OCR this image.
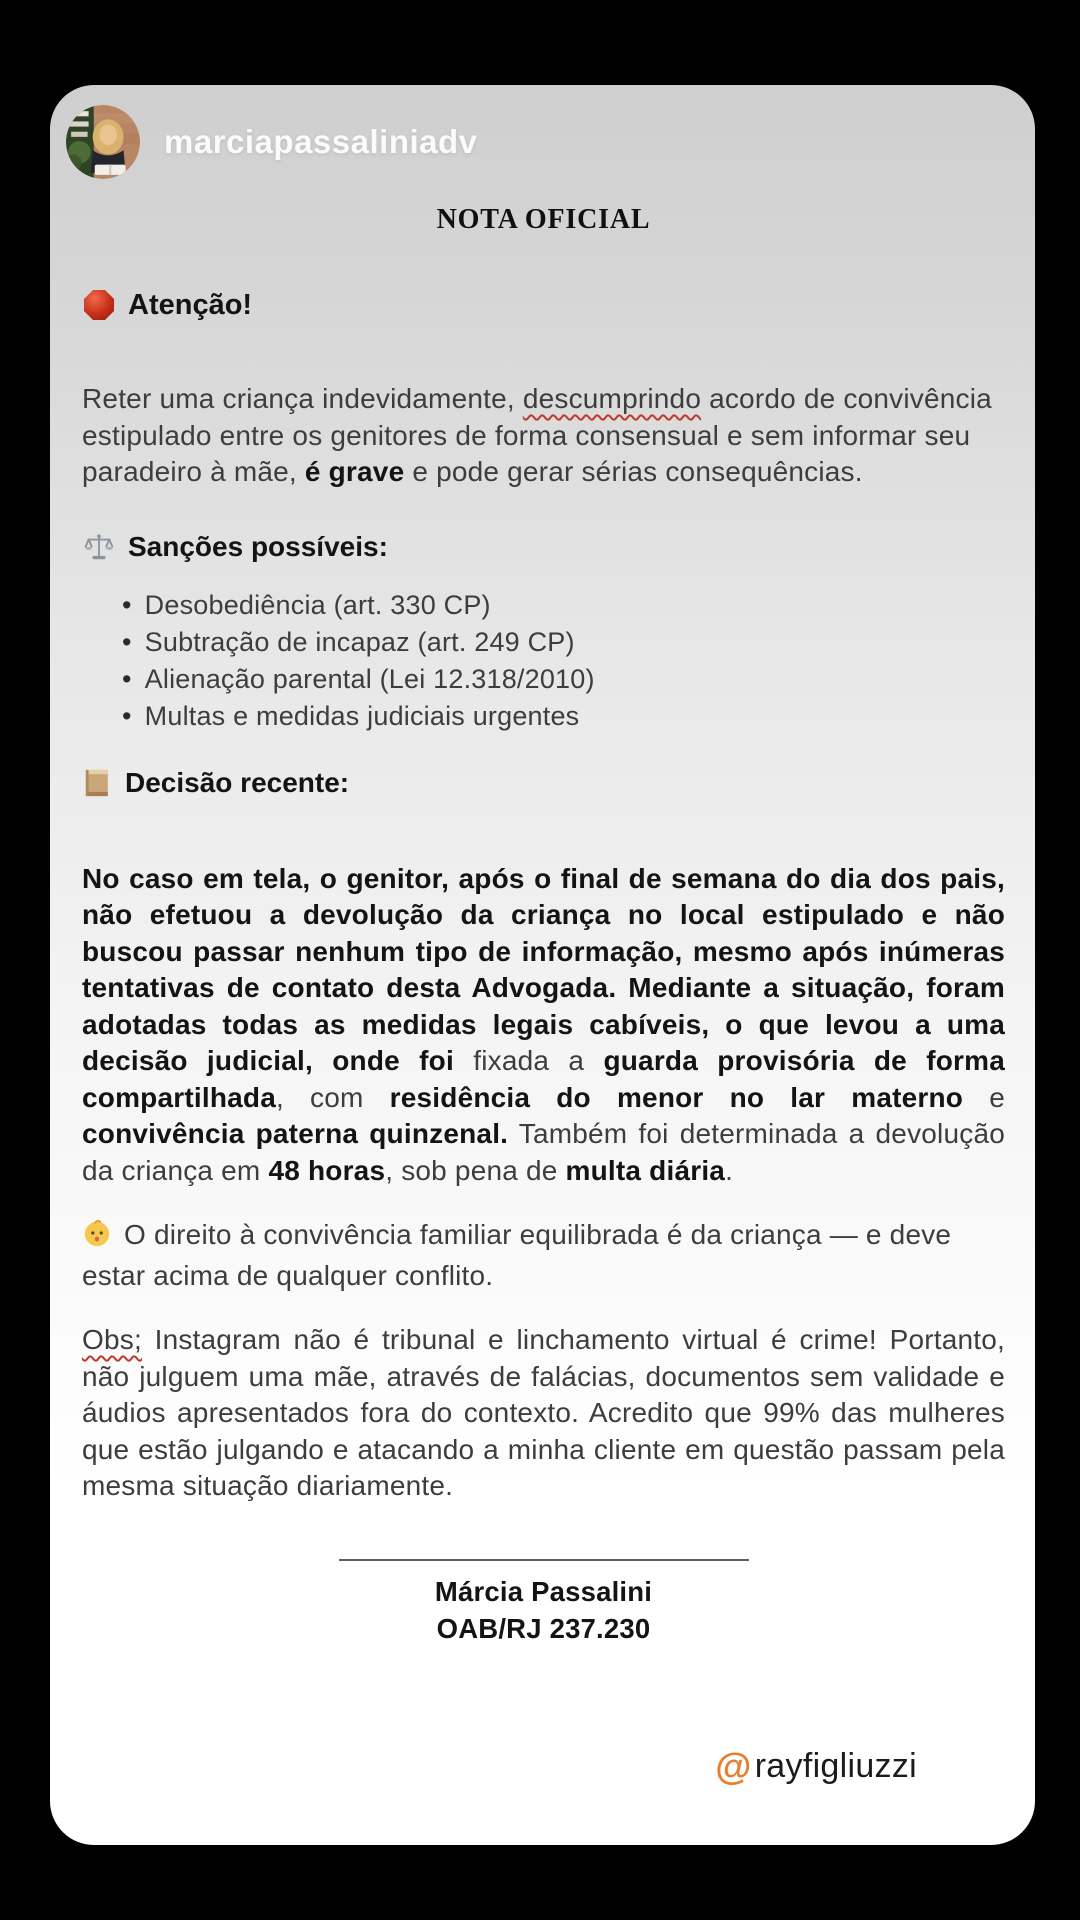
marciapassaliniadv
NOTA OFICIAL
Atenção!
Reter uma criança indevidamente, descumprindo acordo de convivência estipulado entre os genitores de forma consensual e sem informar seu paradeiro à mãe, é grave e pode gerar sérias consequências.
Sanções possíveis:
•
Desobediência (art. 330 CP)
•
Subtração de incapaz (art. 249 CP)
•
Alienação parental (Lei 12.318/2010)
•
Multas e medidas judiciais urgentes
Decisão recente:
No caso em tela, o genitor, após o final de semana do dia dos pais, não efetuou a devolução da criança no local estipulado e não buscou passar nenhum tipo de informação, mesmo após inúmeras tentativas de contato desta Advogada. Mediante a situação, foram adotadas todas as medidas legais cabíveis, o que levou a uma decisão judicial, onde foi fixada a guarda provisória de forma compartilhada, com residência do menor no lar materno e convivência paterna quinzenal. Também foi determinada a devolução da criança em 48 horas, sob pena de multa diária.
O direito à convivência familiar equilibrada é da criança — e deve estar acima de qualquer conflito.
Obs; Instagram não é tribunal e linchamento virtual é crime! Portanto, não julguem uma mãe, através de falácias, documentos sem validade e áudios apresentados fora do contexto. Acredito que 99% das mulheres que estão julgando e atacando a minha cliente em questão passam pela mesma situação diariamente.
Márcia Passalini
OAB/RJ 237.230
@ rayfigliuzzi
